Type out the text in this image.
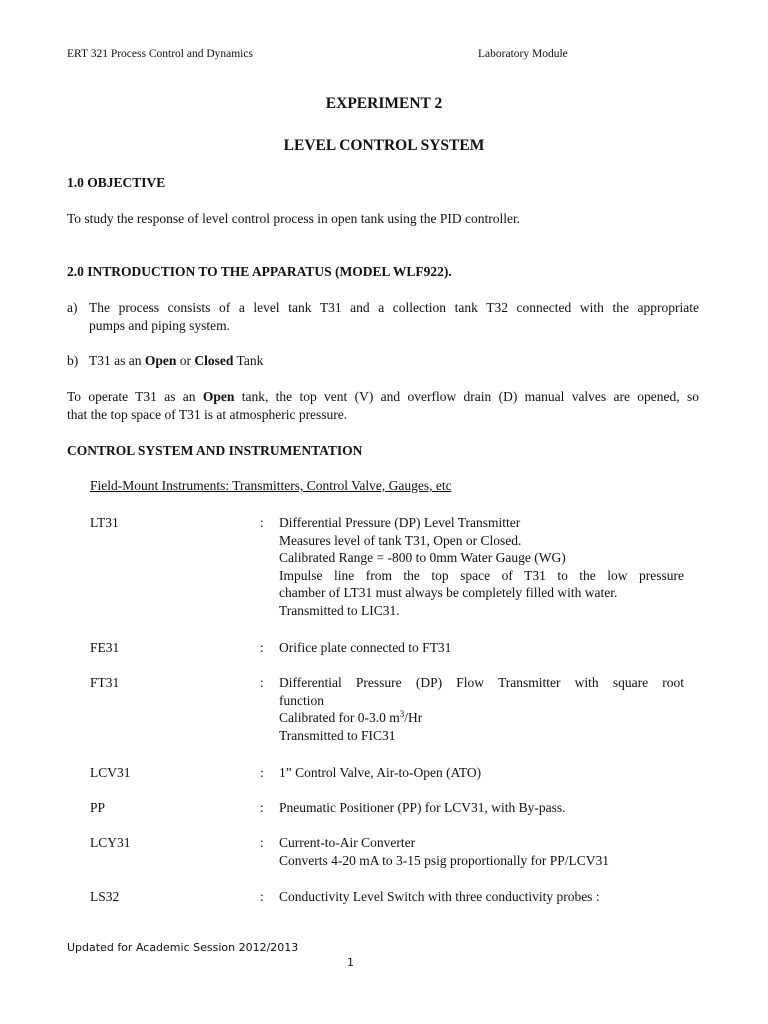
ERT 321 Process Control and Dynamics	Laboratory Module
EXPERIMENT 2
LEVEL CONTROL SYSTEM
1.0 OBJECTIVE
To study the response of level control process in open tank using the PID controller.
2.0 INTRODUCTION TO THE APPARATUS (MODEL WLF922).
a) The process consists of a level tank T31 and a collection tank T32 connected with the appropriate
pumps and piping system.
b) T31 as an Open or Closed Tank
To operate T31 as an Open tank, the top vent (V) and overflow drain (D) manual valves are opened, so
that the top space of T31 is at atmospheric pressure.
CONTROL SYSTEM AND INSTRUMENTATION
Field-Mount Instruments: Transmitters, Control Valve, Gauges, etc
LT31	: Differential Pressure (DP) Level Transmitter
Measures level of tank T31, Open or Closed.
Calibrated Range = -800 to 0mm Water Gauge (WG)
Impulse line from the top space of T31 to the low pressure
chamber of LT31 must always be completely filled with water.
Transmitted to LIC31.
FE31	: Orifice plate connected to FT31
FT31	: Differential Pressure (DP) Flow Transmitter with square root
function
Calibrated for 0-3.0 $m^3/Hr$
Transmitted to FIC31
LCV31	: 1” Control Valve, Air-to-Open (ATO)
PP	: Pneumatic Positioner (PP) for LCV31, with By-pass.
LCY31	: Current-to-Air Converter
Converts 4-20 mA to 3-15 psig proportionally for PP/LCV31
LS32	: Conductivity Level Switch with three conductivity probes :
Updated for Academic Session 2012/2013
1
